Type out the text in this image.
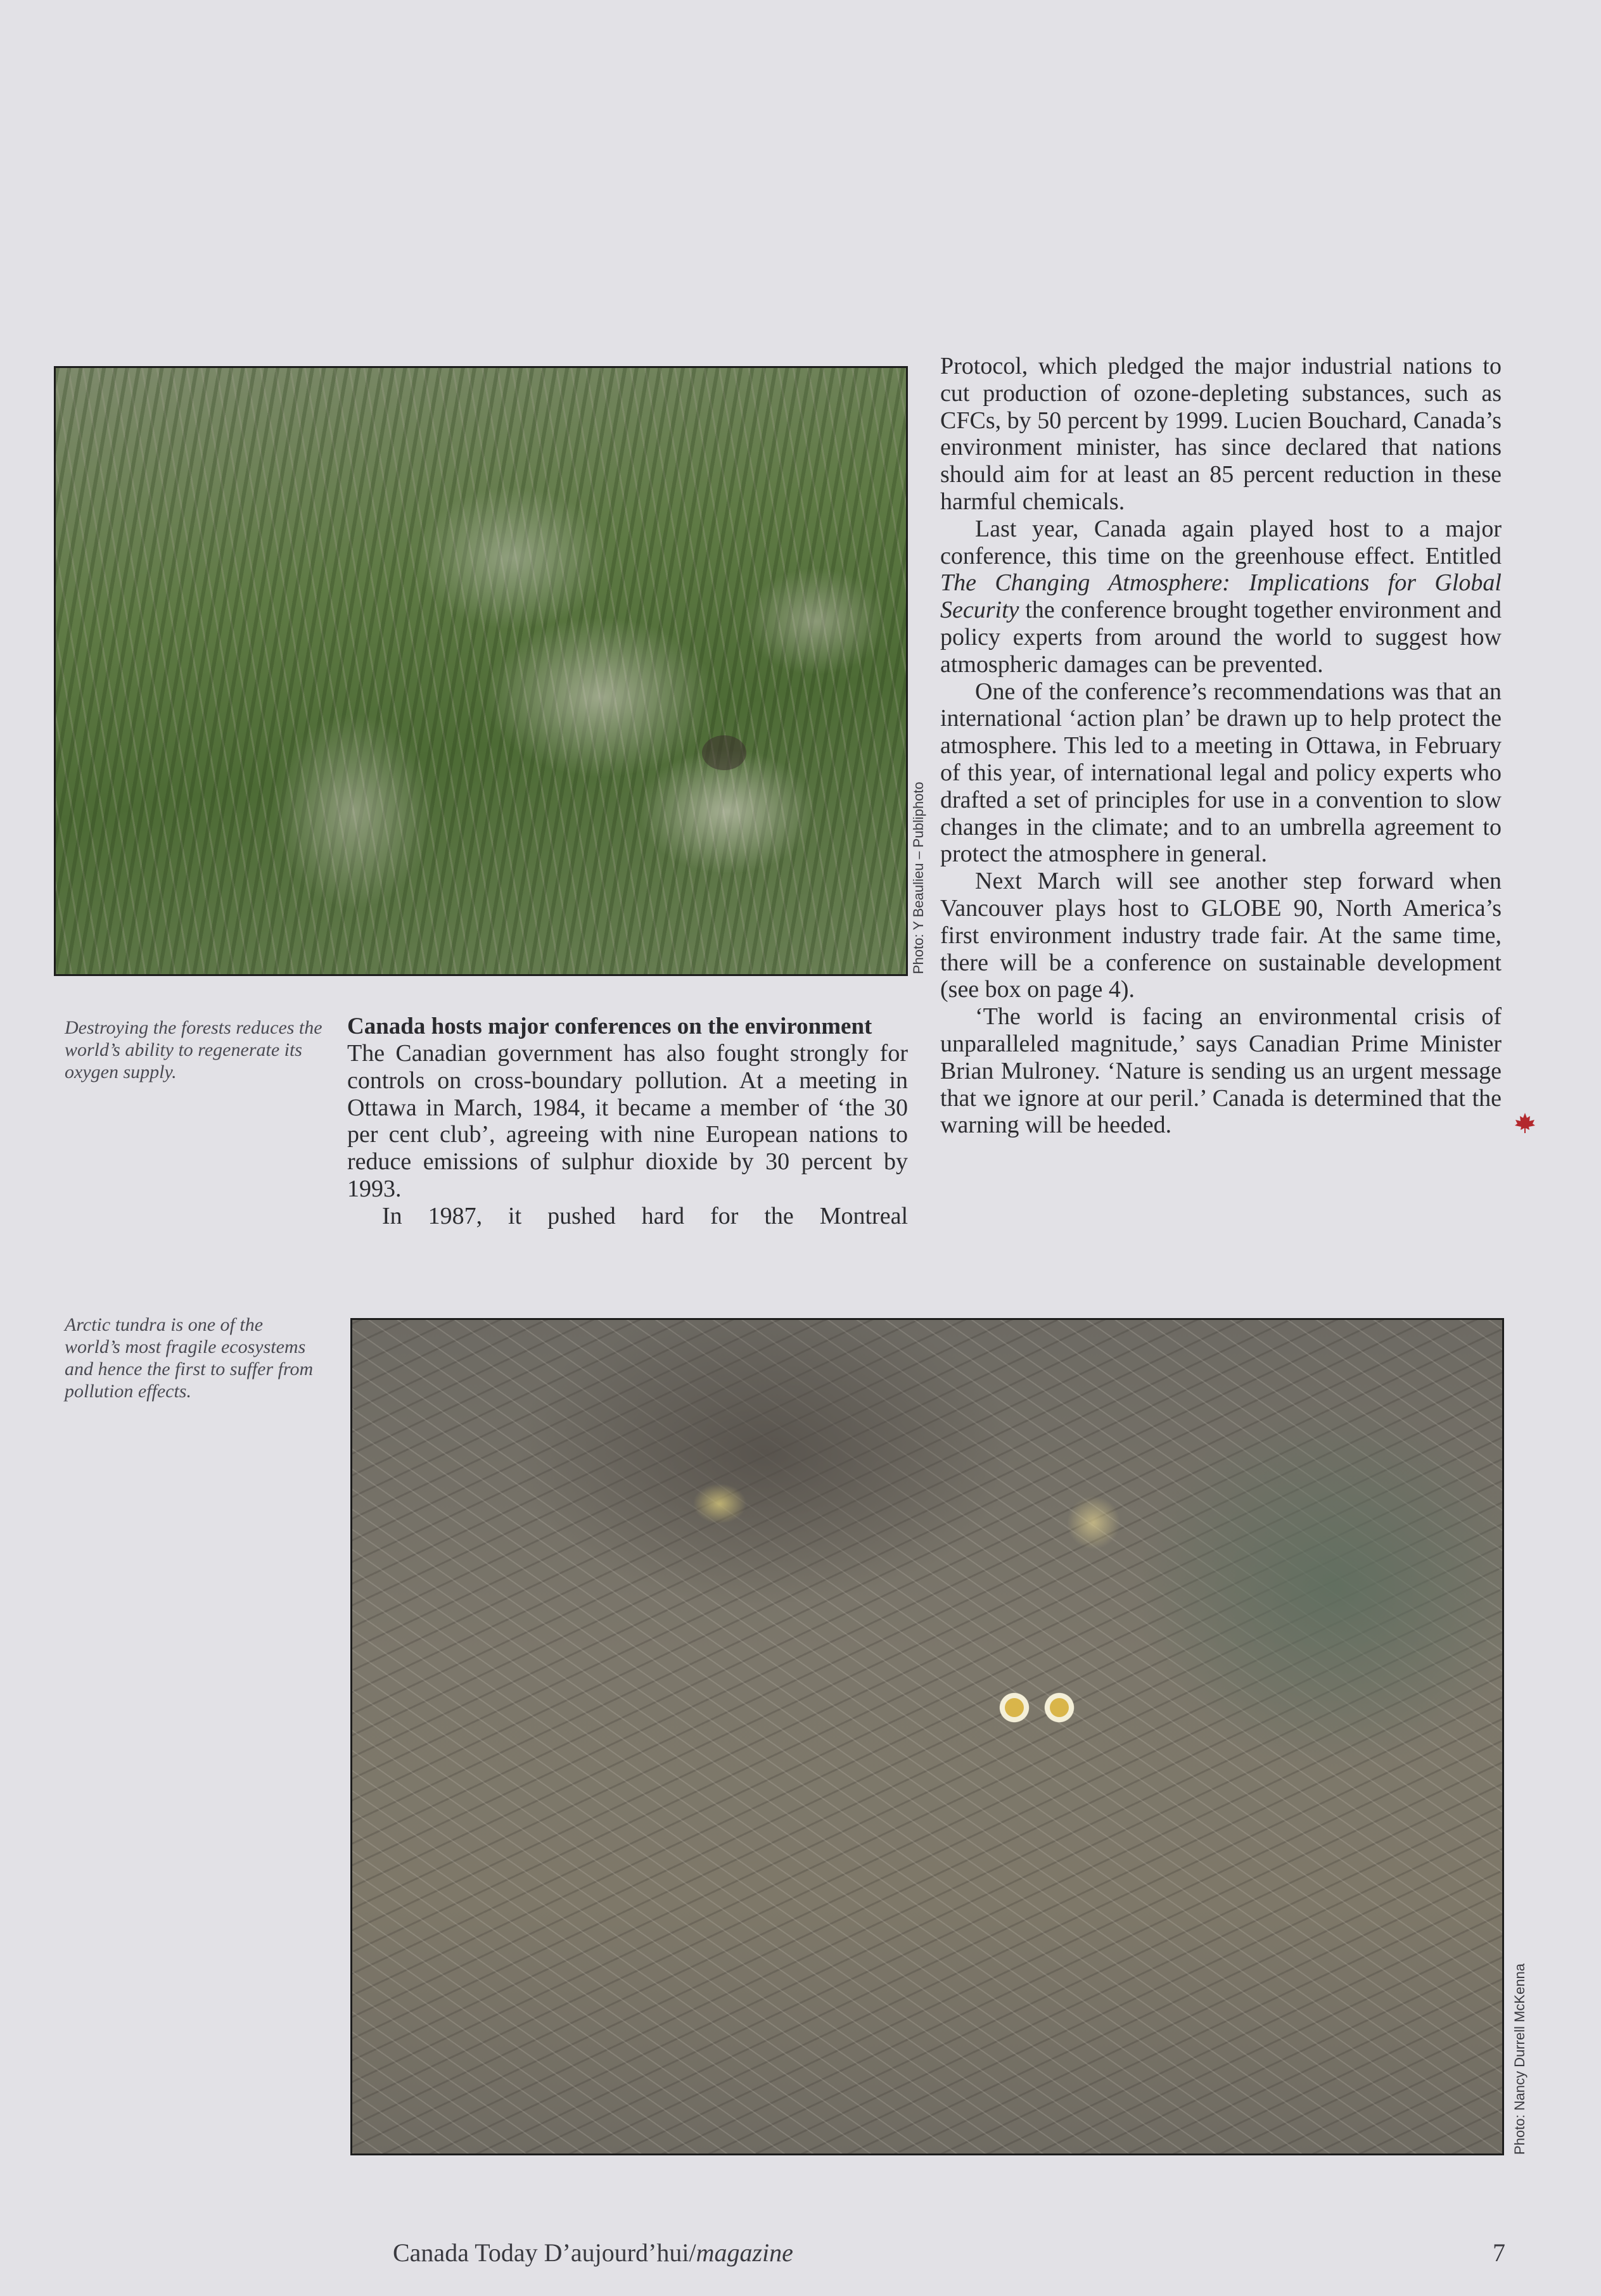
Photo: Y Beaulieu – Publiphoto

Destroying the forests reduces the world’s ability to regenerate its oxygen supply.

Canada hosts major conferences on the environment

The Canadian government has also fought strongly for controls on cross-boundary pollution. At a meeting in Ottawa in March, 1984, it became a member of ‘the 30 per cent club’, agreeing with nine European nations to reduce emissions of sulphur dioxide by 30 percent by 1993.

In 1987, it pushed hard for the Montreal

Protocol, which pledged the major industrial nations to cut production of ozone-depleting substances, such as CFCs, by 50 percent by 1999. Lucien Bouchard, Canada’s environment minister, has since declared that nations should aim for at least an 85 percent reduction in these harmful chemicals.

Last year, Canada again played host to a major conference, this time on the greenhouse effect. Entitled The Changing Atmosphere: Implications for Global Security the conference brought together environment and policy experts from around the world to suggest how atmospheric damages can be prevented.

One of the conference’s recommendations was that an international ‘action plan’ be drawn up to help protect the atmosphere. This led to a meeting in Ottawa, in February of this year, of international legal and policy experts who drafted a set of principles for use in a convention to slow changes in the climate; and to an umbrella agreement to protect the atmosphere in general.

Next March will see another step forward when Vancouver plays host to GLOBE 90, North America’s first environment industry trade fair. At the same time, there will be a conference on sustainable development (see box on page 4).

‘The world is facing an environmental crisis of unparalleled magnitude,’ says Canadian Prime Minister Brian Mulroney. ‘Nature is sending us an urgent message that we ignore at our peril.’ Canada is determined that the warning will be heeded.

Arctic tundra is one of the world’s most fragile ecosystems and hence the first to suffer from pollution effects.

Photo: Nancy Durrell McKenna
Canada Today D’aujourd’hui/magazine	7
